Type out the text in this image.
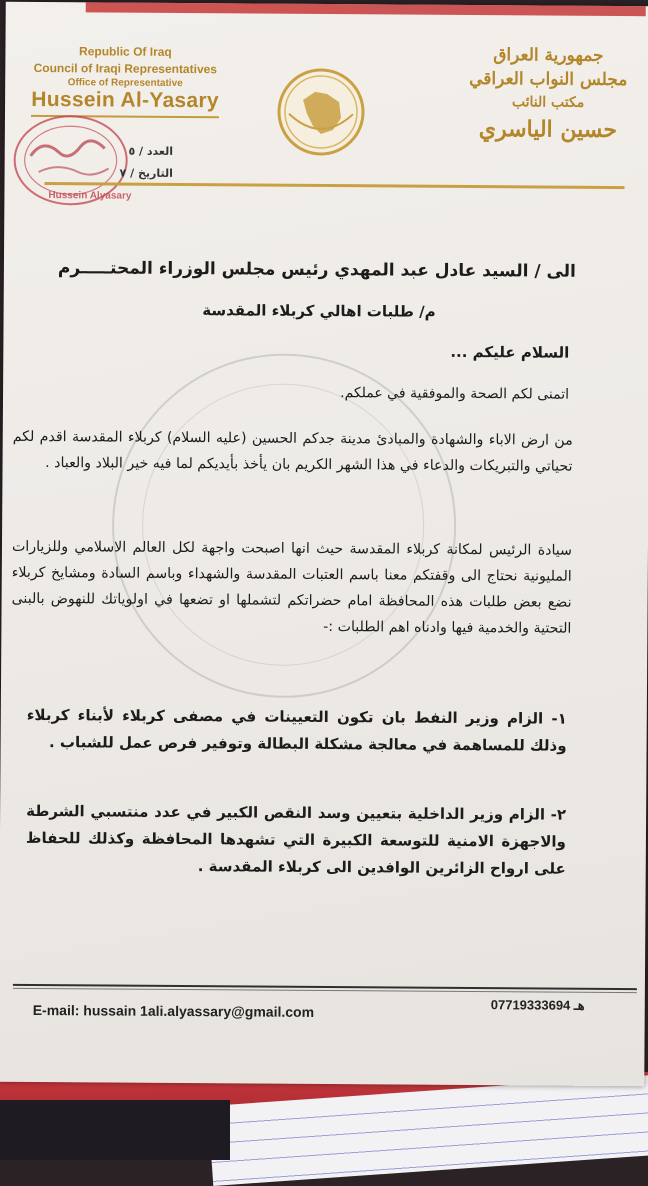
Republic Of Iraq
Council of Iraqi Representatives
Office of Representative
Hussein Al-Yasary
Hussein Alyasary
العدد / ٥
التاريخ / ٧
جمهورية العراق
مجلس النواب العراقي
مكتب النائب
حسين الياسري
الى / السيد عادل عبد المهدي رئيس مجلس الوزراء المحتـــــرم
م/ طلبات اهالي كربلاء المقدسة
السلام عليكم ...
اتمنى لكم الصحة والموفقية في عملكم.
من ارض الاباء والشهادة والمبادئ مدينة جدكم الحسين (عليه السلام) كربلاء المقدسة اقدم لكم تحياتي والتبريكات والدعاء في هذا الشهر الكريم بان يأخذ بأيديكم لما فيه خير البلاد والعباد .
سيادة الرئيس لمكانة كربلاء المقدسة حيث انها اصبحت واجهة لكل العالم الاسلامي وللزيارات المليونية نحتاج الى وقفتكم معنا باسم العتبات المقدسة والشهداء وباسم السادة ومشايخ كربلاء نضع بعض طلبات هذه المحافظة امام حضراتكم لتشملها او تضعها في اولوياتك للنهوض بالبنى التحتية والخدمية فيها وادناه اهم الطلبات :-
١- الزام وزير النفط بان تكون التعيينات في مصفى كربلاء لأبناء كربلاء وذلك للمساهمة في معالجة مشكلة البطالة وتوفير فرص عمل للشباب .
٢- الزام وزير الداخلية بتعيين وسد النقص الكبير في عدد منتسبي الشرطة والاجهزة الامنية للتوسعة الكبيرة التي تشهدها المحافظة وكذلك للحفاظ على ارواح الزائرين الوافدين الى كربلاء المقدسة .
E-mail: hussain 1ali.alyassary@gmail.com	07719333694 هـ
